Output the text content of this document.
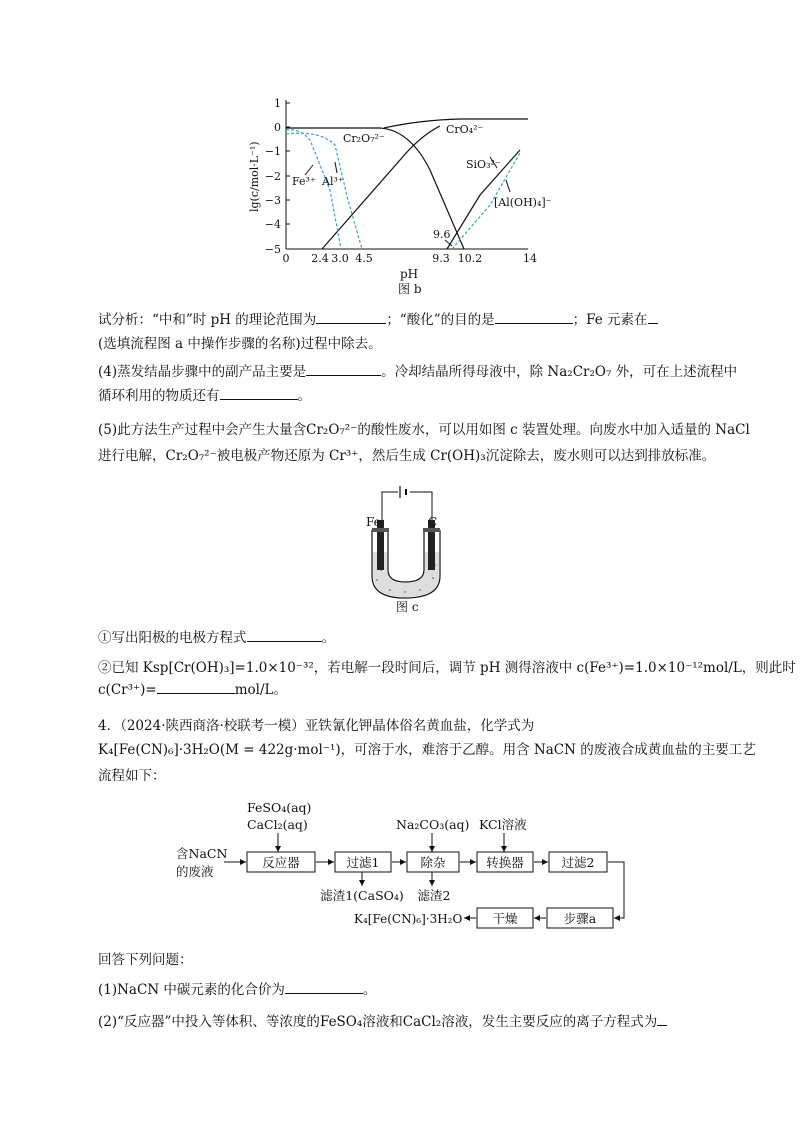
1
0
−1
−2
−3
−4
−5
lg(c/mol·L⁻¹)
0 2.4 3.0 4.5	9.3 10.2	14
pH
图 b
Cr₂O₇²⁻
CrO₄²⁻
Fe³⁺ Al³⁺
SiO₃²⁻
[Al(OH)₄]⁻
9.6
试分析：“中和”时 pH 的理论范围为	；“酸化”的目的是	；Fe 元素在
(选填流程图 a 中操作步骤的名称)过程中除去。
(4)蒸发结晶步骤中的副产品主要是	。冷却结晶所得母液中，除 Na₂Cr₂O₇ 外，可在上述流程中
循环利用的物质还有	。
(5)此方法生产过程中会产生大量含Cr₂O₇²⁻的酸性废水，可以用如图 c 装置处理。向废水中加入适量的 NaCl
进行电解，Cr₂O₇²⁻被电极产物还原为 Cr³⁺，然后生成 Cr(OH)₃沉淀除去，废水则可以达到排放标准。
Fe	C
图 c
①写出阳极的电极方程式	。
②已知 Ksp[Cr(OH)₃]=1.0×10⁻³²，若电解一段时间后，调节 pH 测得溶液中 c(Fe³⁺)=1.0×10⁻¹²mol/L，则此时
c(Cr³⁺)=	mol/L。
4．（2024·陕西商洛·校联考一模）亚铁氰化钾晶体俗名黄血盐，化学式为
K₄[Fe(CN)₆]·3H₂O(M = 422g·mol⁻¹)，可溶于水，难溶于乙醇。用含 NaCN 的废液合成黄血盐的主要工艺
流程如下：
FeSO₄(aq)
CaCl₂(aq)	Na₂CO₃(aq) KCl溶液
含NaCN
的废液
反应器	过滤1	除杂	转换器	过滤2
步骤a
干燥
滤渣1(CaSO₄) 滤渣2
K₄[Fe(CN)₆]·3H₂O
回答下列问题：
(1)NaCN 中碳元素的化合价为	。
(2)“反应器”中投入等体积、等浓度的FeSO₄溶液和CaCl₂溶液，发生主要反应的离子方程式为
